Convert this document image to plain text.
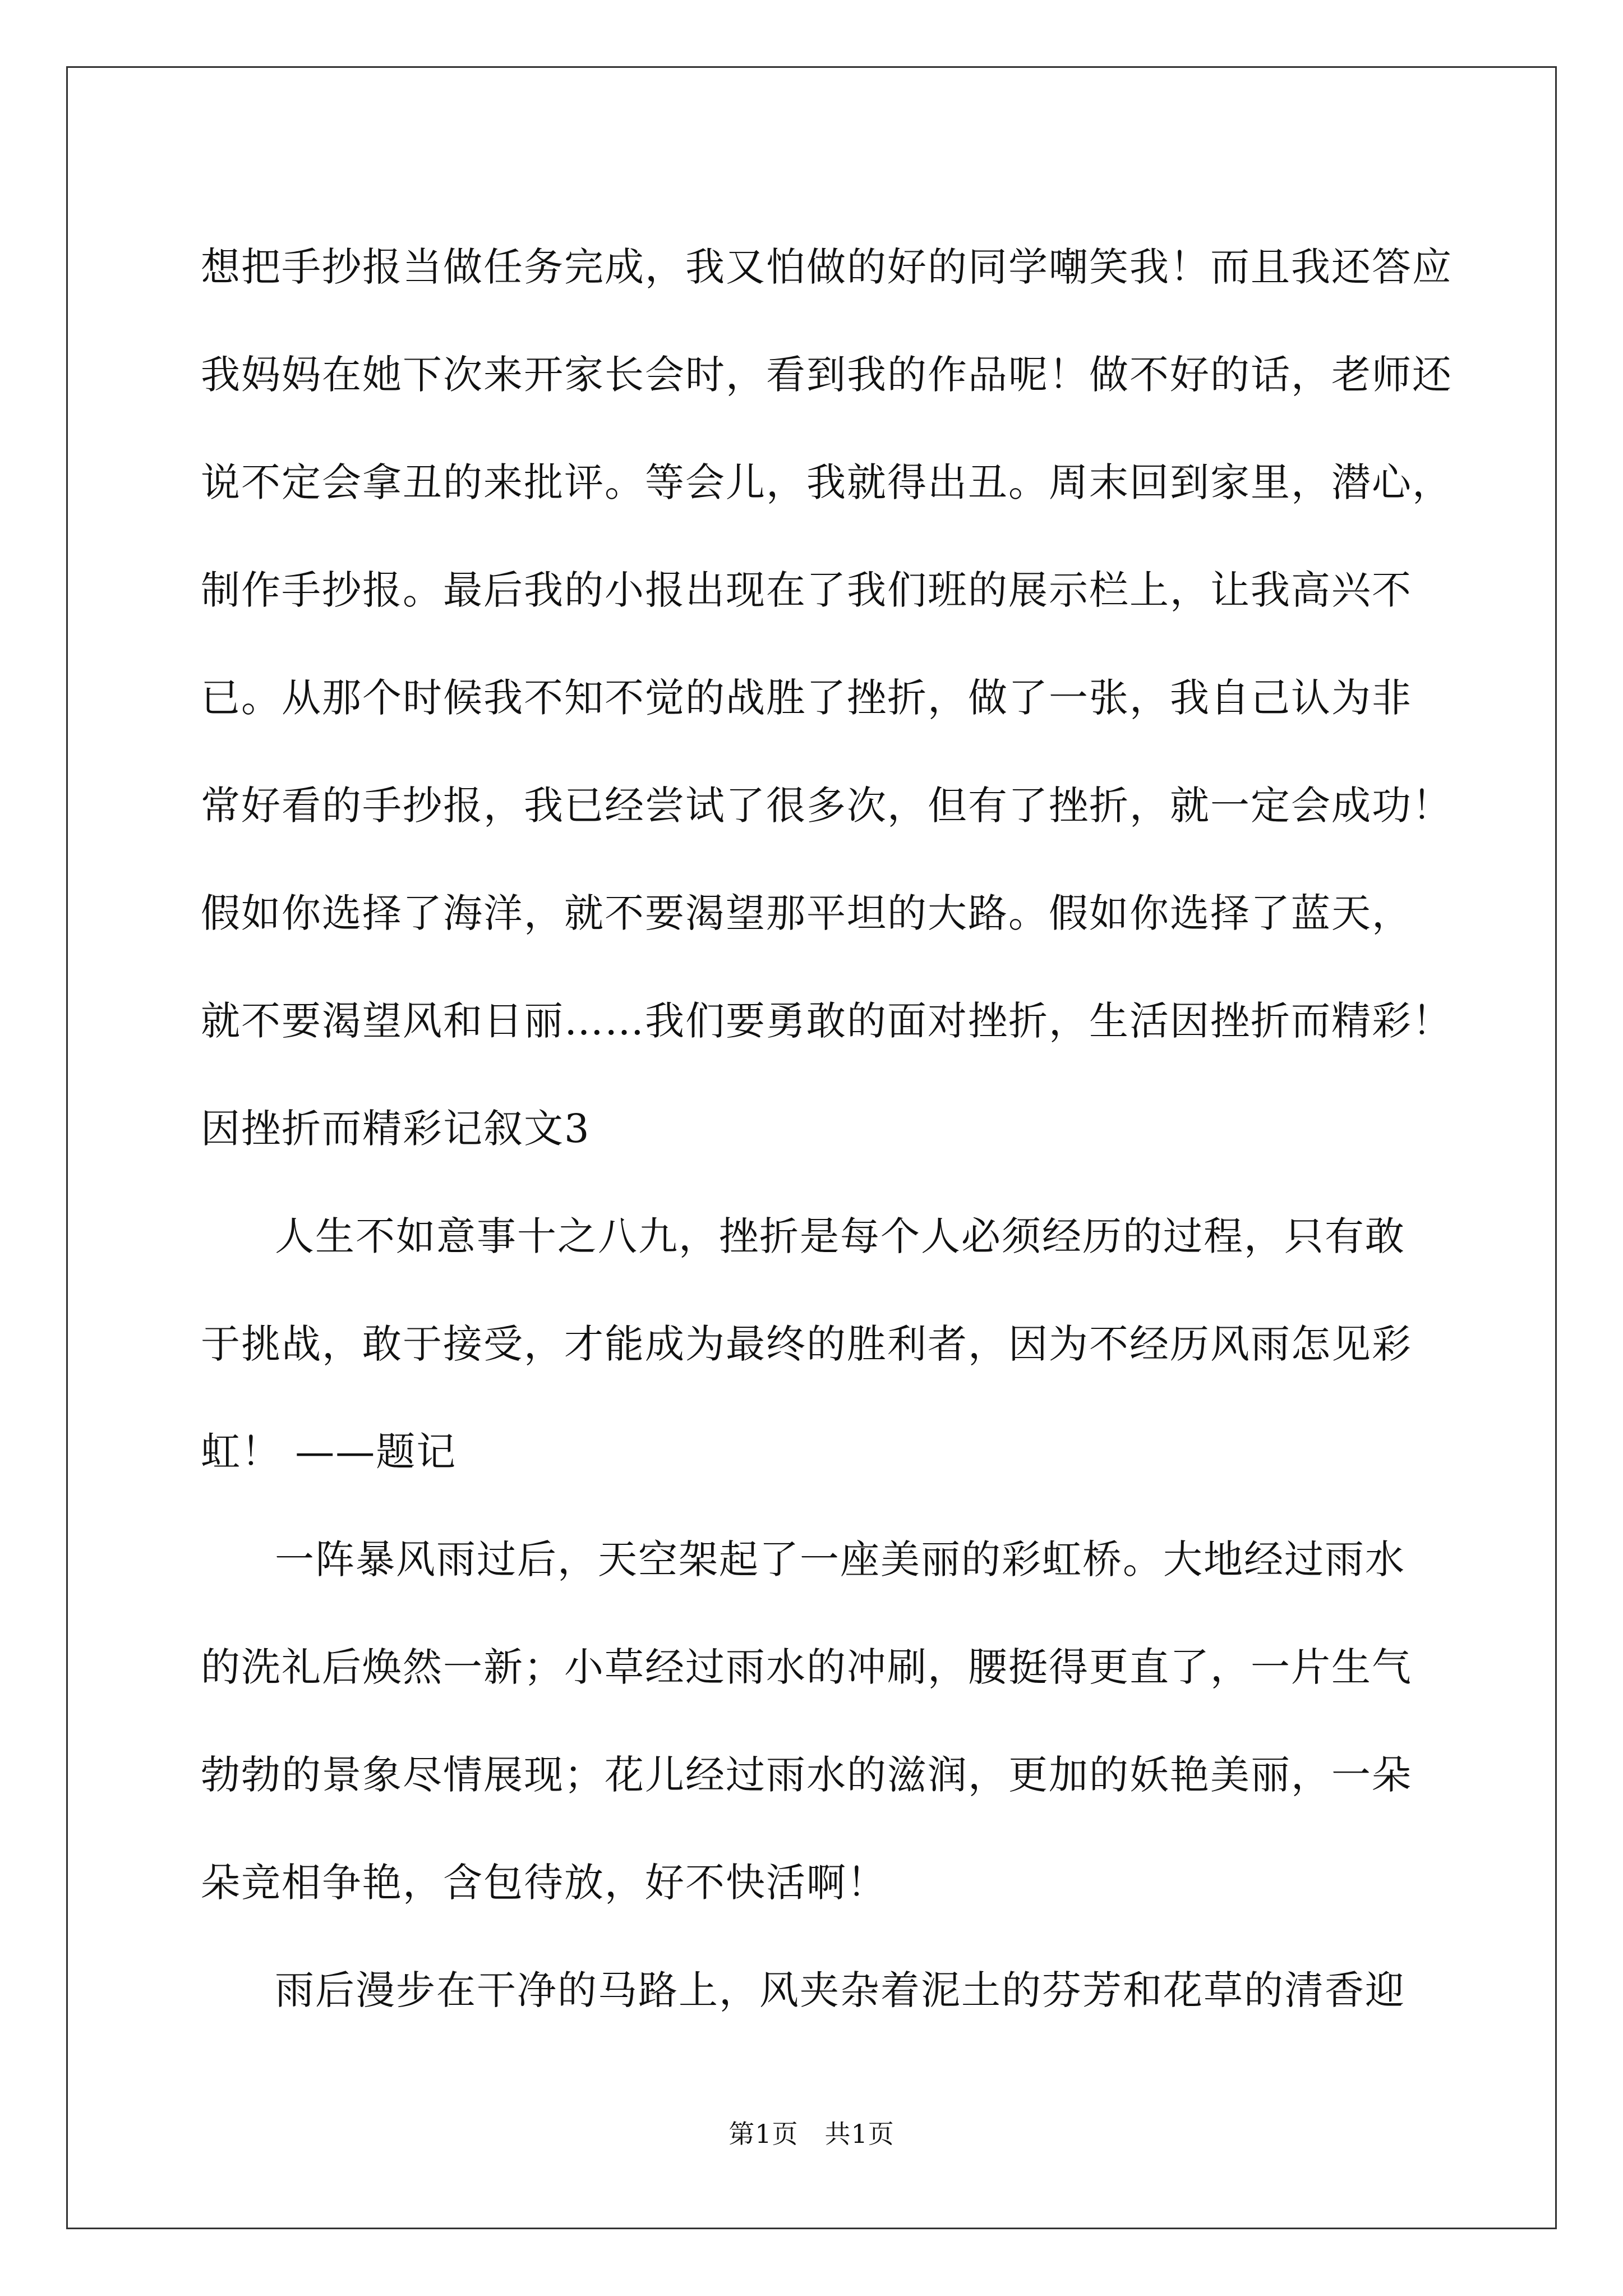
想把手抄报当做任务完成，我又怕做的好的同学嘲笑我！而且我还答应
我妈妈在她下次来开家长会时，看到我的作品呢！做不好的话，老师还
说不定会拿丑的来批评。等会儿，我就得出丑。周末回到家里，潜心，
制作手抄报。最后我的小报出现在了我们班的展示栏上，让我高兴不
已。从那个时候我不知不觉的战胜了挫折，做了一张，我自己认为非
常好看的手抄报，我已经尝试了很多次，但有了挫折，就一定会成功！
假如你选择了海洋，就不要渴望那平坦的大路。假如你选择了蓝天，
就不要渴望风和日丽……我们要勇敢的面对挫折，生活因挫折而精彩！
因挫折而精彩记叙文3
人生不如意事十之八九，挫折是每个人必须经历的过程，只有敢
于挑战，敢于接受，才能成为最终的胜利者，因为不经历风雨怎见彩
虹！ ——题记
一阵暴风雨过后，天空架起了一座美丽的彩虹桥。大地经过雨水
的洗礼后焕然一新；小草经过雨水的冲刷，腰挺得更直了，一片生气
勃勃的景象尽情展现；花儿经过雨水的滋润，更加的妖艳美丽，一朵
朵竞相争艳，含包待放，好不快活啊！
雨后漫步在干净的马路上，风夹杂着泥土的芬芳和花草的清香迎
第1页　共1页
